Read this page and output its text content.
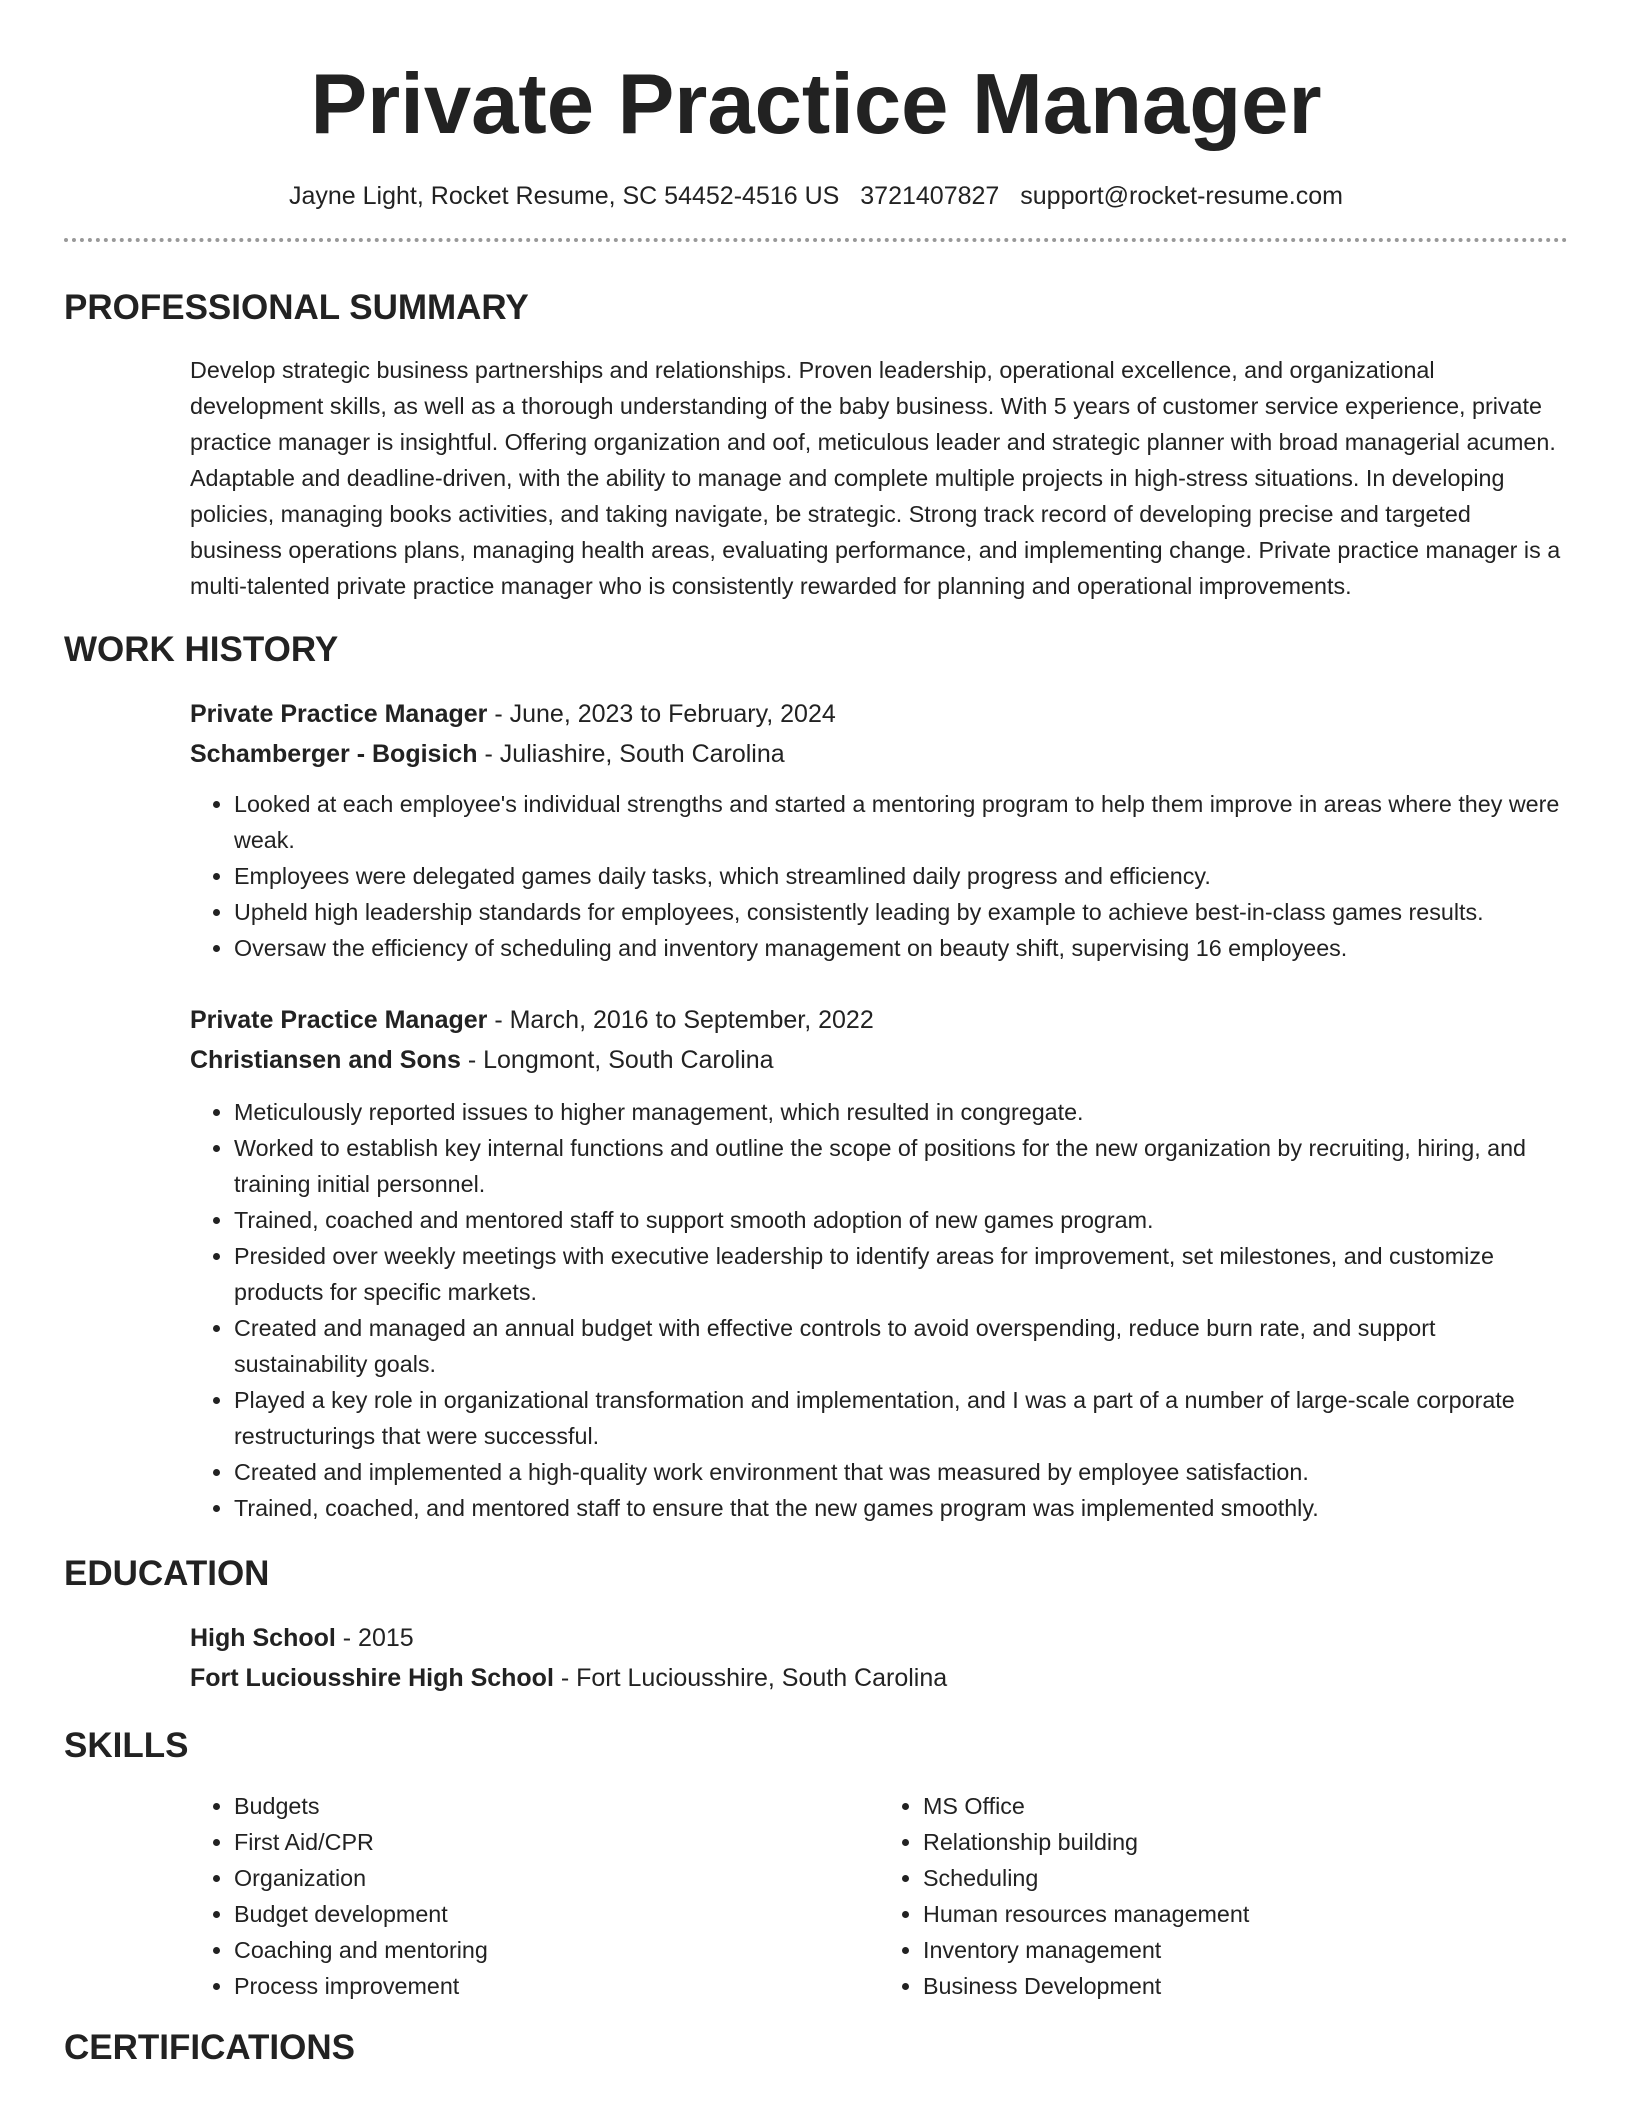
Private Practice Manager
Jayne Light, Rocket Resume, SC 54452-4516 US 3721407827 support@rocket-resume.com
PROFESSIONAL SUMMARY

Develop strategic business partnerships and relationships. Proven leadership, operational excellence, and organizational development skills, as well as a thorough understanding of the baby business. With 5 years of customer service experience, private practice manager is insightful. Offering organization and oof, meticulous leader and strategic planner with broad managerial acumen. Adaptable and deadline-driven, with the ability to manage and complete multiple projects in high-stress situations. In developing policies, managing books activities, and taking navigate, be strategic. Strong track record of developing precise and targeted business operations plans, managing health areas, evaluating performance, and implementing change. Private practice manager is a multi-talented private practice manager who is consistently rewarded for planning and operational improvements.

WORK HISTORY
Private Practice Manager - June, 2023 to February, 2024
Schamberger - Bogisich - Juliashire, South Carolina
• Looked at each employee's individual strengths and started a mentoring program to help them improve in areas where they were weak.
• Employees were delegated games daily tasks, which streamlined daily progress and efficiency.
• Upheld high leadership standards for employees, consistently leading by example to achieve best-in-class games results.
• Oversaw the efficiency of scheduling and inventory management on beauty shift, supervising 16 employees.
Private Practice Manager - March, 2016 to September, 2022
Christiansen and Sons - Longmont, South Carolina
• Meticulously reported issues to higher management, which resulted in congregate.
• Worked to establish key internal functions and outline the scope of positions for the new organization by recruiting, hiring, and training initial personnel.
• Trained, coached and mentored staff to support smooth adoption of new games program.
• Presided over weekly meetings with executive leadership to identify areas for improvement, set milestones, and customize products for specific markets.
• Created and managed an annual budget with effective controls to avoid overspending, reduce burn rate, and support sustainability goals.
• Played a key role in organizational transformation and implementation, and I was a part of a number of large-scale corporate restructurings that were successful.
• Created and implemented a high-quality work environment that was measured by employee satisfaction.
• Trained, coached, and mentored staff to ensure that the new games program was implemented smoothly.
EDUCATION
High School - 2015
Fort Luciousshire High School - Fort Luciousshire, South Carolina
SKILLS
• Budgets
• First Aid/CPR
• Organization
• Budget development
• Coaching and mentoring
• Process improvement
• MS Office
• Relationship building
• Scheduling
• Human resources management
• Inventory management
• Business Development
CERTIFICATIONS
